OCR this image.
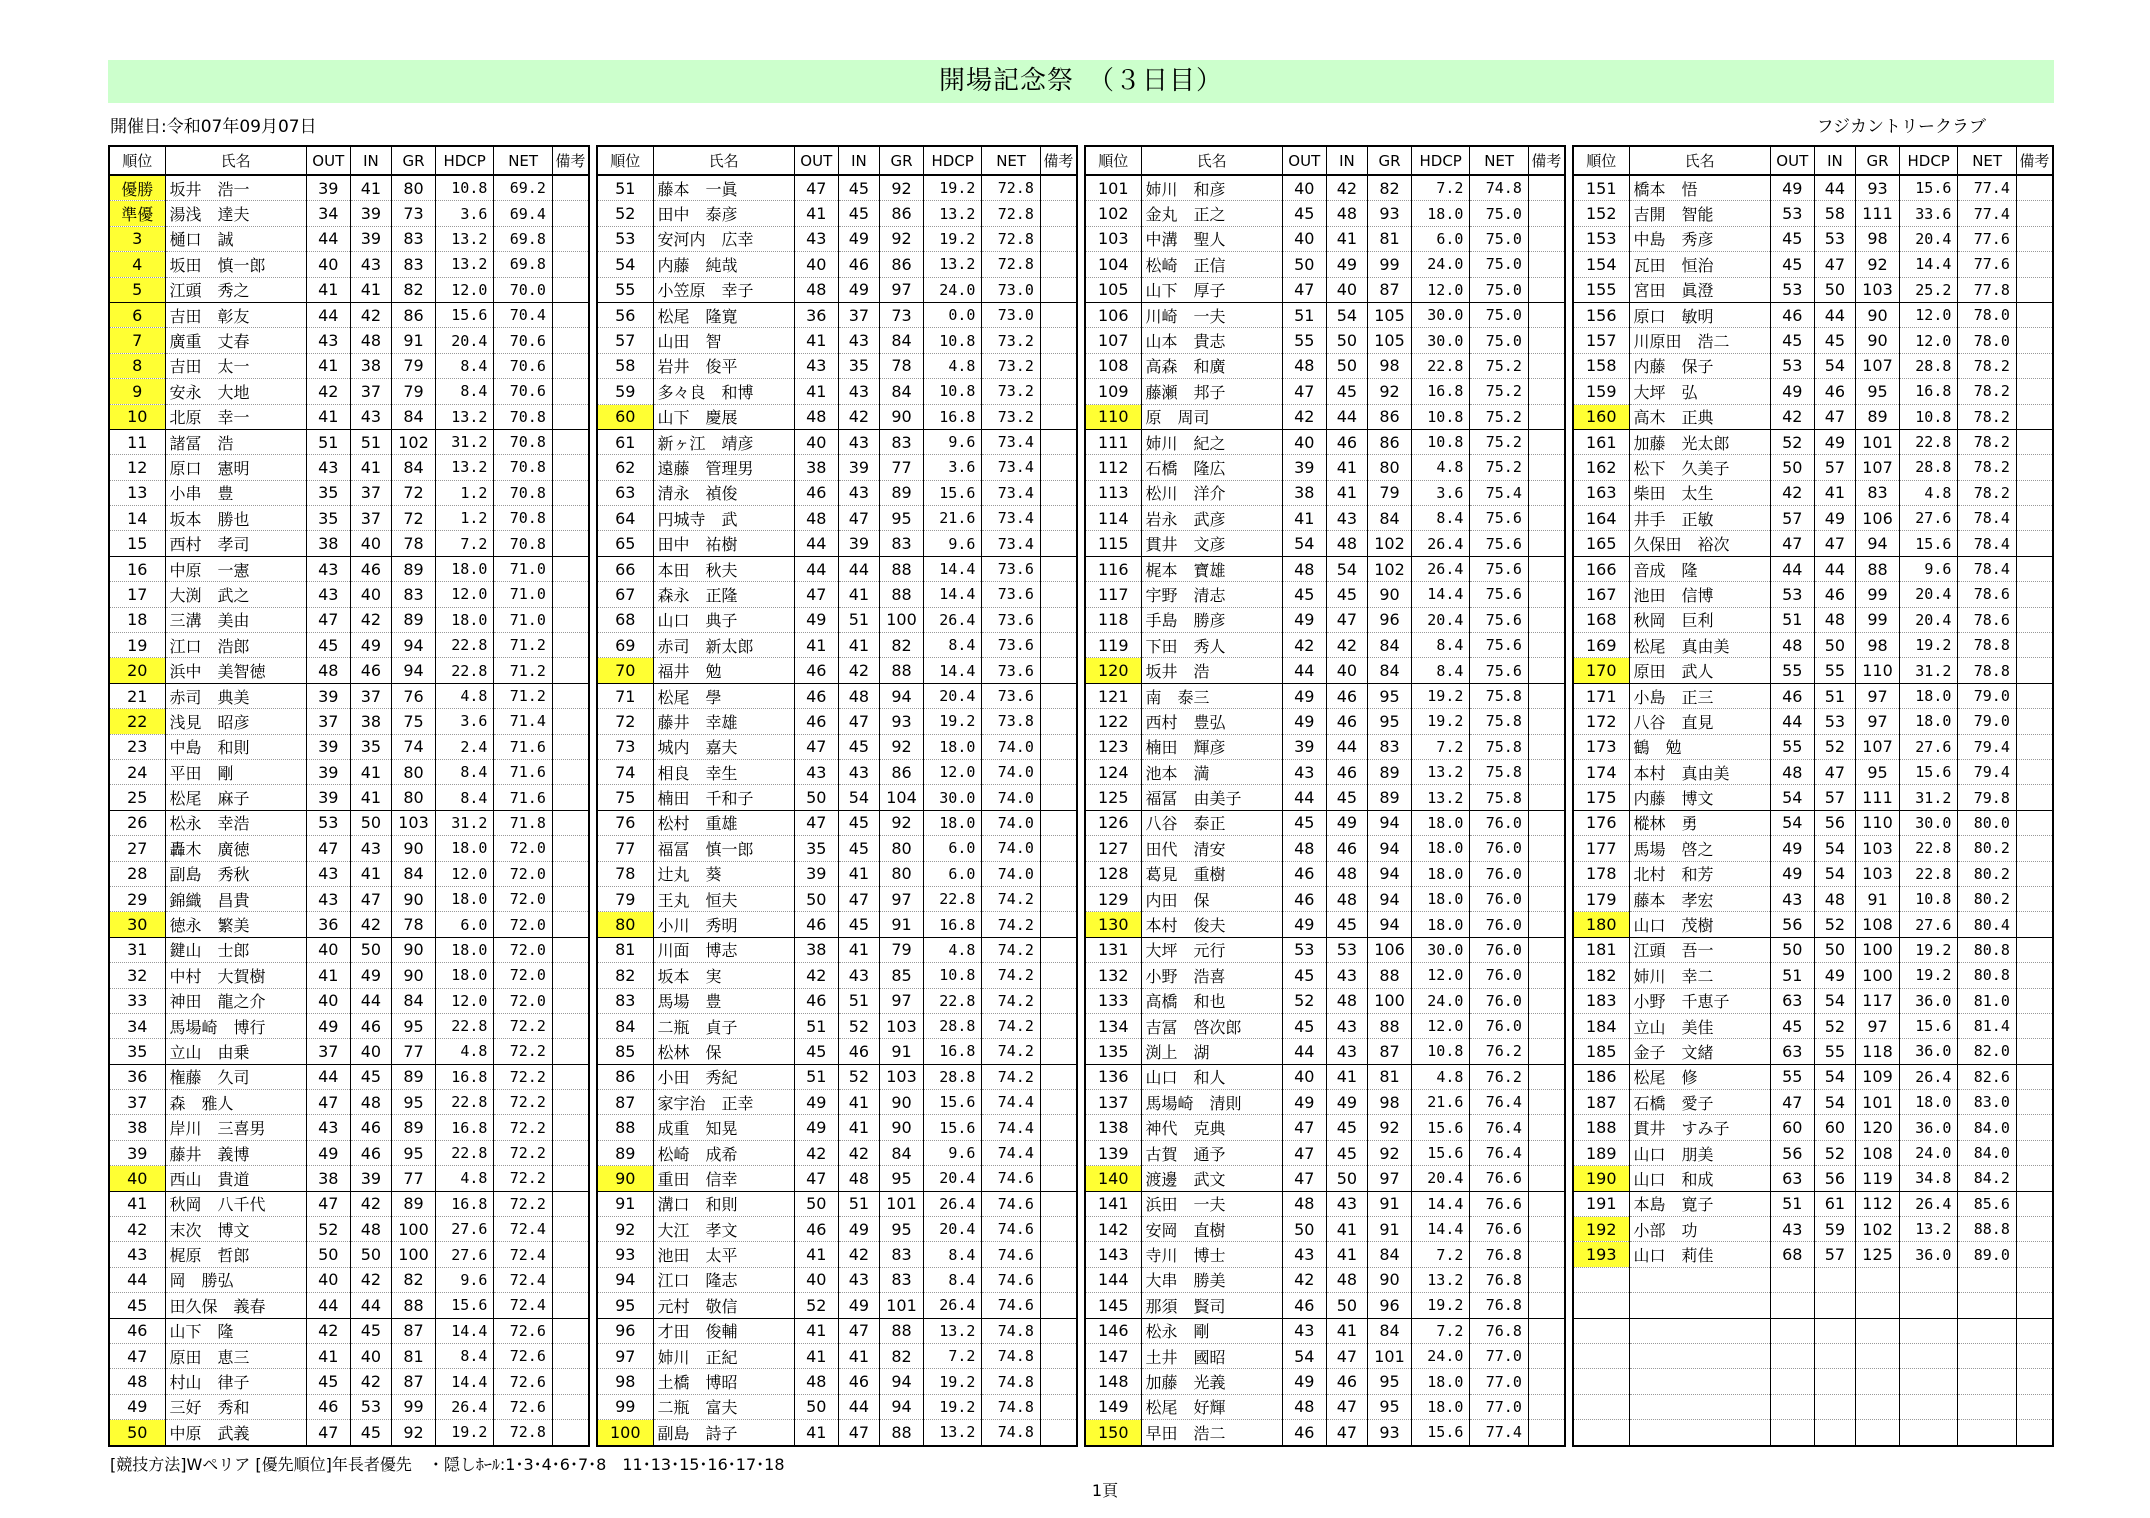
開場記念祭　（３日目）
開催日:令和07年09月07日	フジカントリークラブ
順位	氏名	OUT	IN	GR	HDCP	NET	備考
優勝	坂井　浩一	39	41	80	10.8	69.2	
準優	湯浅　達夫	34	39	73	3.6	69.4	
3	樋口　誠	44	39	83	13.2	69.8	
4	坂田　慎一郎	40	43	83	13.2	69.8	
5	江頭　秀之	41	41	82	12.0	70.0	
6	吉田　彰友	44	42	86	15.6	70.4	
7	廣重　丈春	43	48	91	20.4	70.6	
8	吉田　太一	41	38	79	8.4	70.6	
9	安永　大地	42	37	79	8.4	70.6	
10	北原　幸一	41	43	84	13.2	70.8	
11	諸冨　浩	51	51	102	31.2	70.8	
12	原口　憲明	43	41	84	13.2	70.8	
13	小串　豊	35	37	72	1.2	70.8	
14	坂本　勝也	35	37	72	1.2	70.8	
15	西村　孝司	38	40	78	7.2	70.8	
16	中原　一憲	43	46	89	18.0	71.0	
17	大渕　武之	43	40	83	12.0	71.0	
18	三溝　美由	47	42	89	18.0	71.0	
19	江口　浩郎	45	49	94	22.8	71.2	
20	浜中　美智徳	48	46	94	22.8	71.2	
21	赤司　典美	39	37	76	4.8	71.2	
22	浅見　昭彦	37	38	75	3.6	71.4	
23	中島　和則	39	35	74	2.4	71.6	
24	平田　剛	39	41	80	8.4	71.6	
25	松尾　麻子	39	41	80	8.4	71.6	
26	松永　幸浩	53	50	103	31.2	71.8	
27	轟木　廣徳	47	43	90	18.0	72.0	
28	副島　秀秋	43	41	84	12.0	72.0	
29	錦織　昌貴	43	47	90	18.0	72.0	
30	徳永　繁美	36	42	78	6.0	72.0	
31	鍵山　士郎	40	50	90	18.0	72.0	
32	中村　大賀樹	41	49	90	18.0	72.0	
33	神田　龍之介	40	44	84	12.0	72.0	
34	馬場崎　博行	49	46	95	22.8	72.2	
35	立山　由乗	37	40	77	4.8	72.2	
36	権藤　久司	44	45	89	16.8	72.2	
37	森　雅人	47	48	95	22.8	72.2	
38	岸川　三喜男	43	46	89	16.8	72.2	
39	藤井　義博	49	46	95	22.8	72.2	
40	西山　貴道	38	39	77	4.8	72.2	
41	秋岡　八千代	47	42	89	16.8	72.2	
42	末次　博文	52	48	100	27.6	72.4	
43	梶原　哲郎	50	50	100	27.6	72.4	
44	岡　勝弘	40	42	82	9.6	72.4	
45	田久保　義春	44	44	88	15.6	72.4	
46	山下　隆	42	45	87	14.4	72.6	
47	原田　恵三	41	40	81	8.4	72.6	
48	村山　律子	45	42	87	14.4	72.6	
49	三好　秀和	46	53	99	26.4	72.6	
50	中原　武義	47	45	92	19.2	72.8	
順位	氏名	OUT	IN	GR	HDCP	NET	備考
51	藤本　一眞	47	45	92	19.2	72.8	
52	田中　泰彦	41	45	86	13.2	72.8	
53	安河内　広幸	43	49	92	19.2	72.8	
54	内藤　純哉	40	46	86	13.2	72.8	
55	小笠原　幸子	48	49	97	24.0	73.0	
56	松尾　隆寛	36	37	73	0.0	73.0	
57	山田　智	41	43	84	10.8	73.2	
58	岩井　俊平	43	35	78	4.8	73.2	
59	多々良　和博	41	43	84	10.8	73.2	
60	山下　慶展	48	42	90	16.8	73.2	
61	新ヶ江　靖彦	40	43	83	9.6	73.4	
62	遠藤　管理男	38	39	77	3.6	73.4	
63	清永　禎俊	46	43	89	15.6	73.4	
64	円城寺　武	48	47	95	21.6	73.4	
65	田中　祐樹	44	39	83	9.6	73.4	
66	本田　秋夫	44	44	88	14.4	73.6	
67	森永　正隆	47	41	88	14.4	73.6	
68	山口　典子	49	51	100	26.4	73.6	
69	赤司　新太郎	41	41	82	8.4	73.6	
70	福井　勉	46	42	88	14.4	73.6	
71	松尾　學	46	48	94	20.4	73.6	
72	藤井　幸雄	46	47	93	19.2	73.8	
73	城内　嘉夫	47	45	92	18.0	74.0	
74	相良　幸生	43	43	86	12.0	74.0	
75	楠田　千和子	50	54	104	30.0	74.0	
76	松村　重雄	47	45	92	18.0	74.0	
77	福冨　慎一郎	35	45	80	6.0	74.0	
78	辻丸　葵	39	41	80	6.0	74.0	
79	王丸　恒夫	50	47	97	22.8	74.2	
80	小川　秀明	46	45	91	16.8	74.2	
81	川面　博志	38	41	79	4.8	74.2	
82	坂本　実	42	43	85	10.8	74.2	
83	馬場　豊	46	51	97	22.8	74.2	
84	二瓶　貞子	51	52	103	28.8	74.2	
85	松林　保	45	46	91	16.8	74.2	
86	小田　秀紀	51	52	103	28.8	74.2	
87	家宇治　正幸	49	41	90	15.6	74.4	
88	成重　知晃	49	41	90	15.6	74.4	
89	松崎　成希	42	42	84	9.6	74.4	
90	重田　信幸	47	48	95	20.4	74.6	
91	溝口　和則	50	51	101	26.4	74.6	
92	大江　孝文	46	49	95	20.4	74.6	
93	池田　太平	41	42	83	8.4	74.6	
94	江口　隆志	40	43	83	8.4	74.6	
95	元村　敬信	52	49	101	26.4	74.6	
96	才田　俊輔	41	47	88	13.2	74.8	
97	姉川　正紀	41	41	82	7.2	74.8	
98	土橋　博昭	48	46	94	19.2	74.8	
99	二瓶　富夫	50	44	94	19.2	74.8	
100	副島　詩子	41	47	88	13.2	74.8	
順位	氏名	OUT	IN	GR	HDCP	NET	備考
101	姉川　和彦	40	42	82	7.2	74.8	
102	金丸　正之	45	48	93	18.0	75.0	
103	中溝　聖人	40	41	81	6.0	75.0	
104	松崎　正信	50	49	99	24.0	75.0	
105	山下　厚子	47	40	87	12.0	75.0	
106	川崎　一夫	51	54	105	30.0	75.0	
107	山本　貴志	55	50	105	30.0	75.0	
108	高森　和廣	48	50	98	22.8	75.2	
109	藤瀬　邦子	47	45	92	16.8	75.2	
110	原　周司	42	44	86	10.8	75.2	
111	姉川　紀之	40	46	86	10.8	75.2	
112	石橋　隆広	39	41	80	4.8	75.2	
113	松川　洋介	38	41	79	3.6	75.4	
114	岩永　武彦	41	43	84	8.4	75.6	
115	貫井　文彦	54	48	102	26.4	75.6	
116	梶本　寶雄	48	54	102	26.4	75.6	
117	宇野　清志	45	45	90	14.4	75.6	
118	手島　勝彦	49	47	96	20.4	75.6	
119	下田　秀人	42	42	84	8.4	75.6	
120	坂井　浩	44	40	84	8.4	75.6	
121	南　泰三	49	46	95	19.2	75.8	
122	西村　豊弘	49	46	95	19.2	75.8	
123	楠田　輝彦	39	44	83	7.2	75.8	
124	池本　満	43	46	89	13.2	75.8	
125	福冨　由美子	44	45	89	13.2	75.8	
126	八谷　泰正	45	49	94	18.0	76.0	
127	田代　清安	48	46	94	18.0	76.0	
128	葛見　重樹	46	48	94	18.0	76.0	
129	内田　保	46	48	94	18.0	76.0	
130	本村　俊夫	49	45	94	18.0	76.0	
131	大坪　元行	53	53	106	30.0	76.0	
132	小野　浩喜	45	43	88	12.0	76.0	
133	高橋　和也	52	48	100	24.0	76.0	
134	吉冨　啓次郎	45	43	88	12.0	76.0	
135	渕上　湖	44	43	87	10.8	76.2	
136	山口　和人	40	41	81	4.8	76.2	
137	馬場崎　清則	49	49	98	21.6	76.4	
138	神代　克典	47	45	92	15.6	76.4	
139	古賀　通予	47	45	92	15.6	76.4	
140	渡邊　武文	47	50	97	20.4	76.6	
141	浜田　一夫	48	43	91	14.4	76.6	
142	安岡　直樹	50	41	91	14.4	76.6	
143	寺川　博士	43	41	84	7.2	76.8	
144	大串　勝美	42	48	90	13.2	76.8	
145	那須　賢司	46	50	96	19.2	76.8	
146	松永　剛	43	41	84	7.2	76.8	
147	土井　國昭	54	47	101	24.0	77.0	
148	加藤　光義	49	46	95	18.0	77.0	
149	松尾　好輝	48	47	95	18.0	77.0	
150	早田　浩二	46	47	93	15.6	77.4	
順位	氏名	OUT	IN	GR	HDCP	NET	備考
151	橋本　悟	49	44	93	15.6	77.4	
152	吉開　智能	53	58	111	33.6	77.4	
153	中島　秀彦	45	53	98	20.4	77.6	
154	瓦田　恒治	45	47	92	14.4	77.6	
155	宮田　眞澄	53	50	103	25.2	77.8	
156	原口　敏明	46	44	90	12.0	78.0	
157	川原田　浩二	45	45	90	12.0	78.0	
158	内藤　保子	53	54	107	28.8	78.2	
159	大坪　弘	49	46	95	16.8	78.2	
160	高木　正典	42	47	89	10.8	78.2	
161	加藤　光太郎	52	49	101	22.8	78.2	
162	松下　久美子	50	57	107	28.8	78.2	
163	柴田　太生	42	41	83	4.8	78.2	
164	井手　正敏	57	49	106	27.6	78.4	
165	久保田　裕次	47	47	94	15.6	78.4	
166	音成　隆	44	44	88	9.6	78.4	
167	池田　信博	53	46	99	20.4	78.6	
168	秋岡　巨利	51	48	99	20.4	78.6	
169	松尾　真由美	48	50	98	19.2	78.8	
170	原田　武人	55	55	110	31.2	78.8	
171	小島　正三	46	51	97	18.0	79.0	
172	八谷　直見	44	53	97	18.0	79.0	
173	鶴　勉	55	52	107	27.6	79.4	
174	本村　真由美	48	47	95	15.6	79.4	
175	内藤　博文	54	57	111	31.2	79.8	
176	樅林　勇	54	56	110	30.0	80.0	
177	馬場　啓之	49	54	103	22.8	80.2	
178	北村　和芳	49	54	103	22.8	80.2	
179	藤本　孝宏	43	48	91	10.8	80.2	
180	山口　茂樹	56	52	108	27.6	80.4	
181	江頭　吾一	50	50	100	19.2	80.8	
182	姉川　幸二	51	49	100	19.2	80.8	
183	小野　千恵子	63	54	117	36.0	81.0	
184	立山　美佳	45	52	97	15.6	81.4	
185	金子　文緒	63	55	118	36.0	82.0	
186	松尾　修	55	54	109	26.4	82.6	
187	石橋　愛子	47	54	101	18.0	83.0	
188	貫井　すみ子	60	60	120	36.0	84.0	
189	山口　朋美	56	52	108	24.0	84.0	
190	山口　和成	63	56	119	34.8	84.2	
191	本島　寛子	51	61	112	26.4	85.6	
192	小部　功	43	59	102	13.2	88.8	
193	山口　莉佳	68	57	125	36.0	89.0	

[競技方法]Wペリア [優先順位]年長者優先　・隠しﾎｰﾙ:1･3･4･6･7･8　11･13･15･16･17･18
1頁
